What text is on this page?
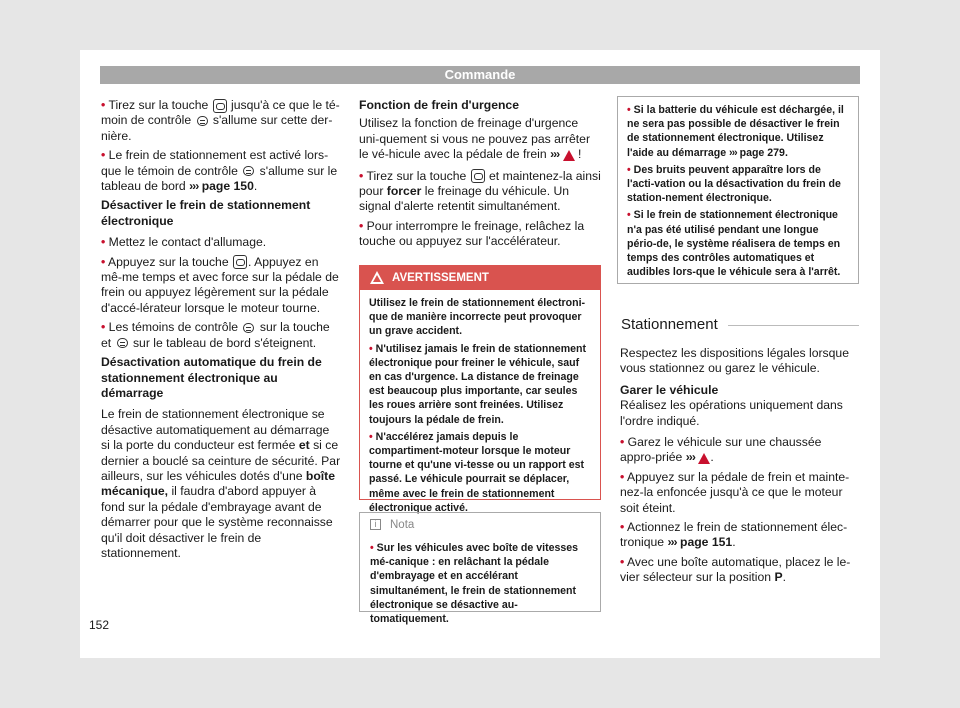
Commande
• Tirez sur la touche jusqu'à ce que le té-moin de contrôle s'allume sur cette der-nière.
• Le frein de stationnement est activé lors-que le témoin de contrôle s'allume sur le tableau de bord ››› page 150.
Désactiver le frein de stationnement électronique
• Mettez le contact d'allumage.
• Appuyez sur la touche . Appuyez en mê-me temps et avec force sur la pédale de frein ou appuyez légèrement sur la pédale d'accé-lérateur lorsque le moteur tourne.
• Les témoins de contrôle sur la touche et sur le tableau de bord s'éteignent.
Désactivation automatique du frein de stationnement électronique au démarrage
Le frein de stationnement électronique se désactive automatiquement au démarrage si la porte du conducteur est fermée et si ce dernier a bouclé sa ceinture de sécurité. Par ailleurs, sur les véhicules dotés d'une boîte mécanique, il faudra d'abord appuyer à fond sur la pédale d'embrayage avant de démarrer pour que le système reconnaisse qu'il doit désactiver le frein de stationnement.
Fonction de frein d'urgence
Utilisez la fonction de freinage d'urgence uni-quement si vous ne pouvez pas arrêter le vé-hicule avec la pédale de frein ›››  !
• Tirez sur la touche et maintenez-la ainsi pour forcer le freinage du véhicule. Un signal d'alerte retentit simultanément.
• Pour interrompre le freinage, relâchez la touche ou appuyez sur l'accélérateur.
AVERTISSEMENT
Utilisez le frein de stationnement électroni-que de manière incorrecte peut provoquer un grave accident.
• N'utilisez jamais le frein de stationnement électronique pour freiner le véhicule, sauf en cas d'urgence. La distance de freinage est beaucoup plus importante, car seules les roues arrière sont freinées. Utilisez toujours la pédale de frein.
• N'accélérez jamais depuis le compartiment-moteur lorsque le moteur tourne et qu'une vi-tesse ou un rapport est passé. Le véhicule pourrait se déplacer, même avec le frein de stationnement électronique activé.
i	Nota
• Sur les véhicules avec boîte de vitesses mé-canique : en relâchant la pédale d'embrayage et en accélérant simultanément, le frein de stationnement électronique se désactive au-tomatiquement.
• Si la batterie du véhicule est déchargée, il ne sera pas possible de désactiver le frein de stationnement électronique. Utilisez l'aide au démarrage ››› page 279.
• Des bruits peuvent apparaître lors de l'acti-vation ou la désactivation du frein de station-nement électronique.
• Si le frein de stationnement électronique n'a pas été utilisé pendant une longue pério-de, le système réalisera de temps en temps des contrôles automatiques et audibles lors-que le véhicule sera à l'arrêt.
Stationnement
Respectez les dispositions légales lorsque vous stationnez ou garez le véhicule.
Garer le véhicule
Réalisez les opérations uniquement dans l'ordre indiqué.
• Garez le véhicule sur une chaussée appro-priée ››› .
• Appuyez sur la pédale de frein et mainte-nez-la enfoncée jusqu'à ce que le moteur soit éteint.
• Actionnez le frein de stationnement élec-tronique ››› page 151.
• Avec une boîte automatique, placez le le-vier sélecteur sur la position P.
152
